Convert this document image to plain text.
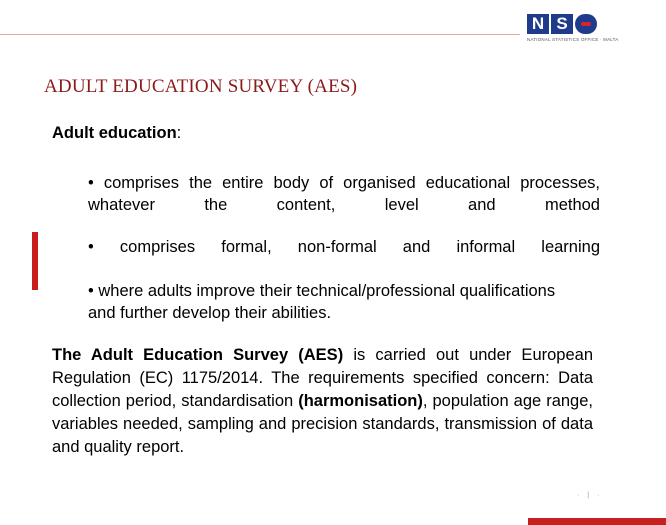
N S
NATIONAL STATISTICS OFFICE · MALTA
ADULT EDUCATION SURVEY (AES)

Adult education:

• comprises the entire body of organised educational processes,
whatever the content, level and method

• comprises formal, non-formal and informal learning

• where adults improve their technical/professional qualifications
and further develop their abilities.

The Adult Education Survey (AES) is carried out under European Regulation (EC) 1175/2014. The requirements specified concern: Data collection period, standardisation (harmonisation), population age range, variables needed, sampling and precision standards, transmission of data and quality report.

· | ·
